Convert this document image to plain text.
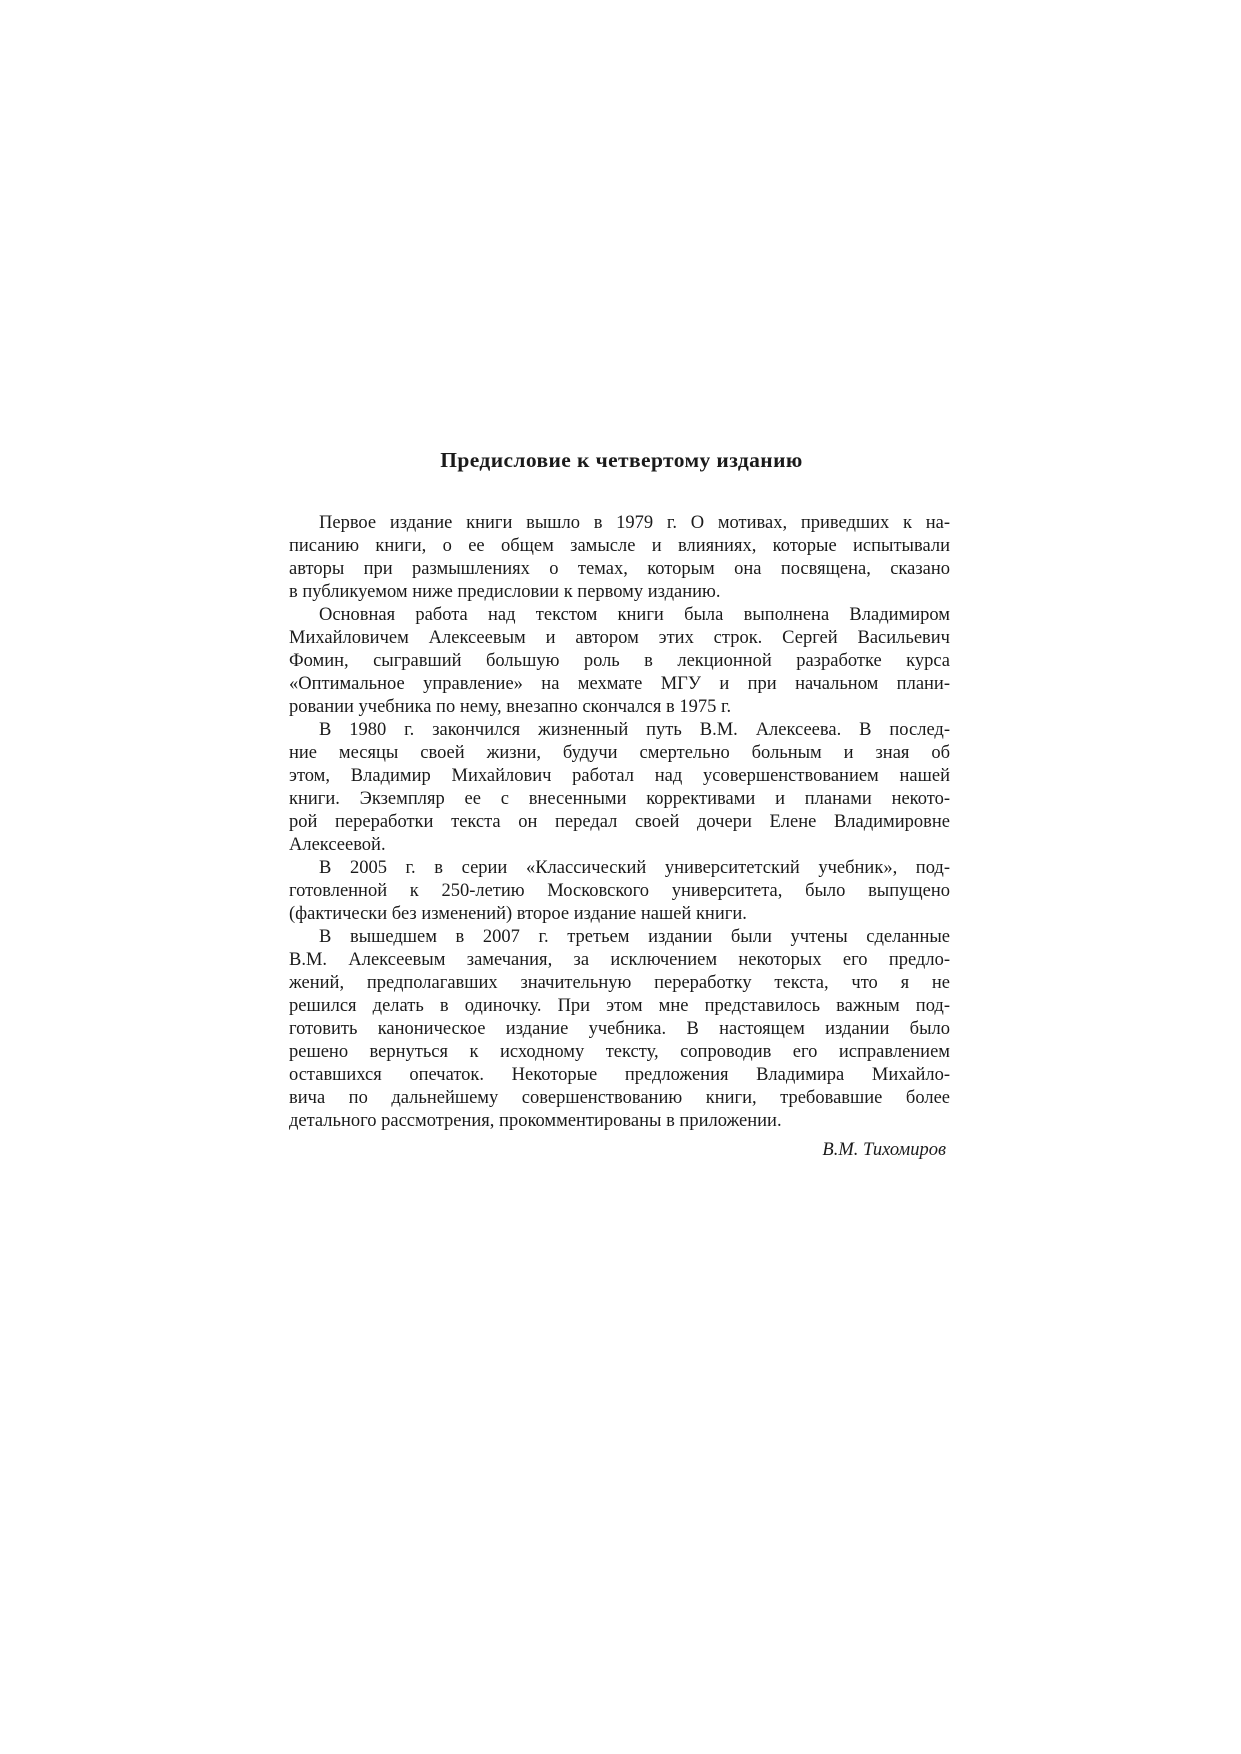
Предисловие к четвертому изданию
Первое издание книги вышло в 1979 г. О мотивах, приведших к на-
писанию книги, о ее общем замысле и влияниях, которые испытывали
авторы при размышлениях о темах, которым она посвящена, сказано
в публикуемом ниже предисловии к первому изданию.
Основная работа над текстом книги была выполнена Владимиром
Михайловичем Алексеевым и автором этих строк. Сергей Васильевич
Фомин, сыгравший большую роль в лекционной разработке курса
«Оптимальное управление» на мехмате МГУ и при начальном плани-
ровании учебника по нему, внезапно скончался в 1975 г.
В 1980 г. закончился жизненный путь В.М. Алексеева. В послед-
ние месяцы своей жизни, будучи смертельно больным и зная об
этом, Владимир Михайлович работал над усовершенствованием нашей
книги. Экземпляр ее с внесенными коррективами и планами некото-
рой переработки текста он передал своей дочери Елене Владимировне
Алексеевой.
В 2005 г. в серии «Классический университетский учебник», под-
готовленной к 250-летию Московского университета, было выпущено
(фактически без изменений) второе издание нашей книги.
В вышедшем в 2007 г. третьем издании были учтены сделанные
В.М. Алексеевым замечания, за исключением некоторых его предло-
жений, предполагавших значительную переработку текста, что я не
решился делать в одиночку. При этом мне представилось важным под-
готовить каноническое издание учебника. В настоящем издании было
решено вернуться к исходному тексту, сопроводив его исправлением
оставшихся опечаток. Некоторые предложения Владимира Михайло-
вича по дальнейшему совершенствованию книги, требовавшие более
детального рассмотрения, прокомментированы в приложении.
В.М. Тихомиров
